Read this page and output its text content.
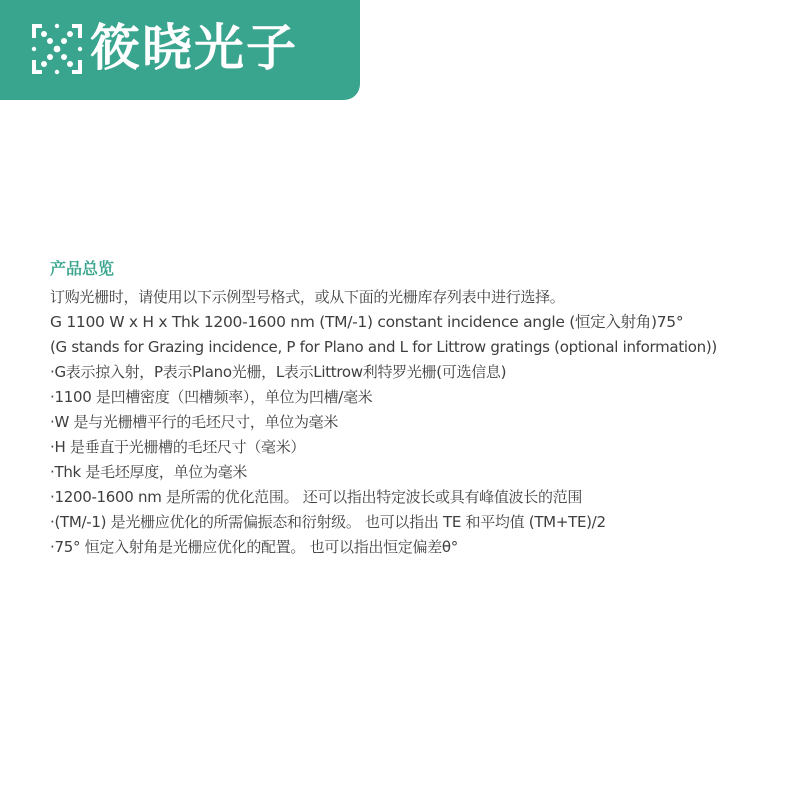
筱晓光子
产品总览
订购光栅时，请使用以下示例型号格式，或从下面的光栅库存列表中进行选择。
G 1100 W x H x Thk 1200-1600 nm (TM/-1) constant incidence angle (恒定入射角)75°
(G stands for Grazing incidence, P for Plano and L for Littrow gratings (optional information))
·G表示掠入射，P表示Plano光栅，L表示Littrow利特罗光栅(可选信息)
·1100 是凹槽密度（凹槽频率），单位为凹槽/毫米
·W 是与光栅槽平行的毛坯尺寸，单位为毫米
·H 是垂直于光栅槽的毛坯尺寸（毫米）
·Thk 是毛坯厚度，单位为毫米
·1200-1600 nm 是所需的优化范围。 还可以指出特定波长或具有峰值波长的范围
·(TM/-1) 是光栅应优化的所需偏振态和衍射级。 也可以指出 TE 和平均值 (TM+TE)/2
·75° 恒定入射角是光栅应优化的配置。 也可以指出恒定偏差θ°
